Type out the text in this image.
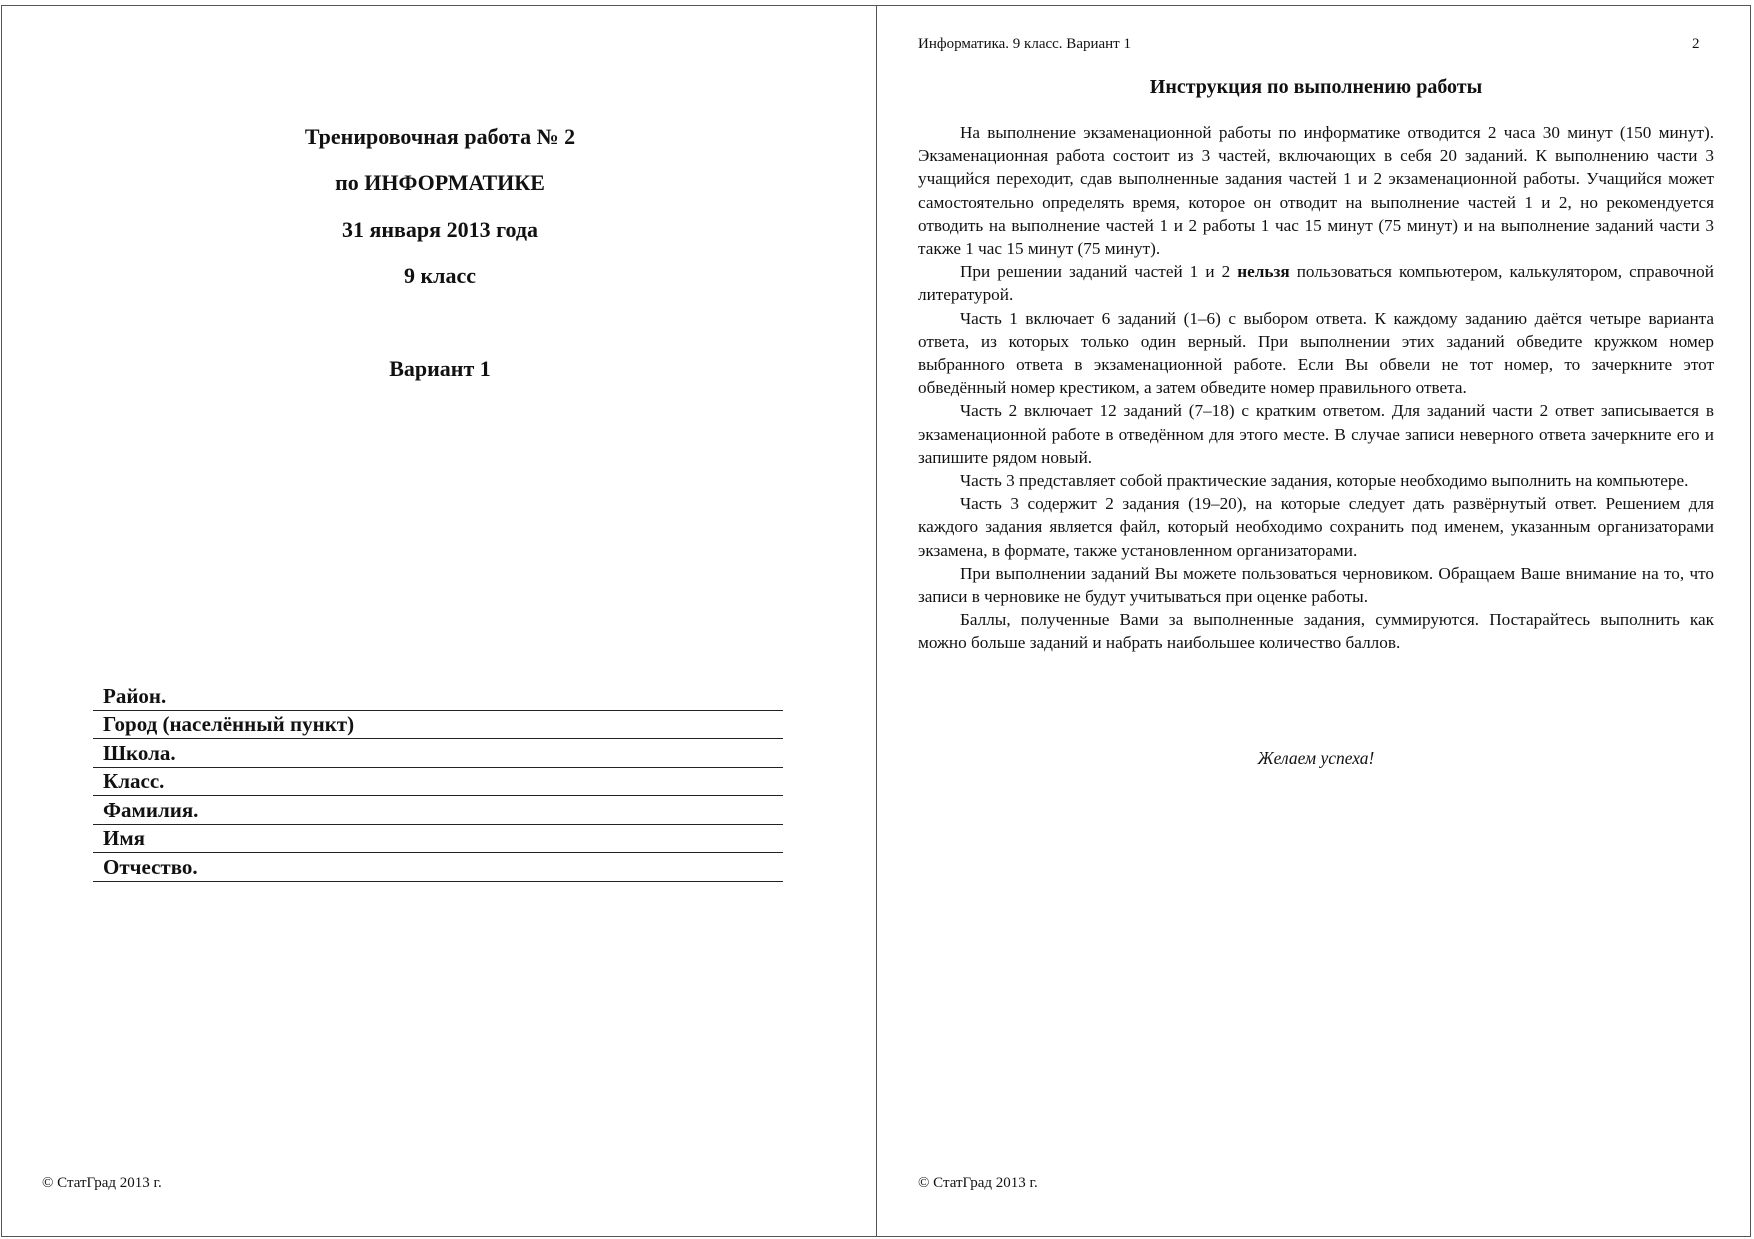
Тренировочная работа № 2
по ИНФОРМАТИКЕ
31 января 2013 года
9 класс
Вариант 1
Район.
Город (населённый пункт)
Школа.
Класс.
Фамилия.
Имя
Отчество.
© СтатГрад 2013 г.
Информатика. 9 класс. Вариант 1	2
Инструкция по выполнению работы

На выполнение экзаменационной работы по информатике отводится 2 часа 30 минут (150 минут). Экзаменационная работа состоит из 3 частей, включающих в себя 20 заданий. К выполнению части 3 учащийся переходит, сдав выполненные задания частей 1 и 2 экзаменационной работы. Учащийся может самостоятельно определять время, которое он отводит на выполнение частей 1 и 2, но рекомендуется отводить на выполнение частей 1 и 2 работы 1 час 15 минут (75 минут) и на выполнение заданий части 3 также 1 час 15 минут (75 минут).

При решении заданий частей 1 и 2 нельзя пользоваться компьютером, калькулятором, справочной литературой.

Часть 1 включает 6 заданий (1–6) с выбором ответа. К каждому заданию даётся четыре варианта ответа, из которых только один верный. При выполнении этих заданий обведите кружком номер выбранного ответа в экзаменационной работе. Если Вы обвели не тот номер, то зачеркните этот обведённый номер крестиком, а затем обведите номер правильного ответа.

Часть 2 включает 12 заданий (7–18) с кратким ответом. Для заданий части 2 ответ записывается в экзаменационной работе в отведённом для этого месте. В случае записи неверного ответа зачеркните его и запишите рядом новый.

Часть 3 представляет собой практические задания, которые необходимо выполнить на компьютере.

Часть 3 содержит 2 задания (19–20), на которые следует дать развёрнутый ответ. Решением для каждого задания является файл, который необходимо сохранить под именем, указанным организаторами экзамена, в формате, также установленном организаторами.

При выполнении заданий Вы можете пользоваться черновиком. Обращаем Ваше внимание на то, что записи в черновике не будут учитываться при оценке работы.

Баллы, полученные Вами за выполненные задания, суммируются. Постарайтесь выполнить как можно больше заданий и набрать наибольшее количество баллов.

Желаем успеха!
© СтатГрад 2013 г.
